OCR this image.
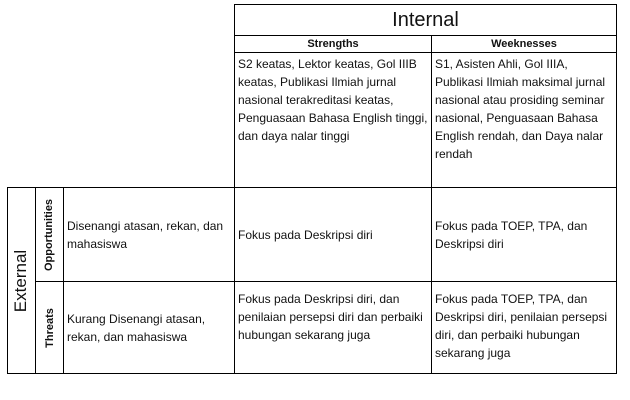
Internal
Strengths	Weeknesses
S2 keatas, Lektor keatas, Gol IIIB keatas, Publikasi Ilmiah jurnal nasional terakreditasi keatas, Penguasaan Bahasa English tinggi, dan daya nalar tinggi
S1, Asisten Ahli, Gol IIIA, Publikasi Ilmiah maksimal jurnal nasional atau prosiding seminar nasional, Penguasaan Bahasa English rendah, dan Daya nalar rendah
External
Opportunities
Threats
Disenangi atasan, rekan, dan mahasiswa
Kurang Disenangi atasan, rekan, dan mahasiswa
Fokus pada Deskripsi diri
Fokus pada TOEP, TPA, dan Deskripsi diri
Fokus pada Deskripsi diri, dan penilaian persepsi diri dan perbaiki hubungan sekarang juga
Fokus pada TOEP, TPA, dan Deskripsi diri, penilaian persepsi diri, dan perbaiki hubungan sekarang juga
